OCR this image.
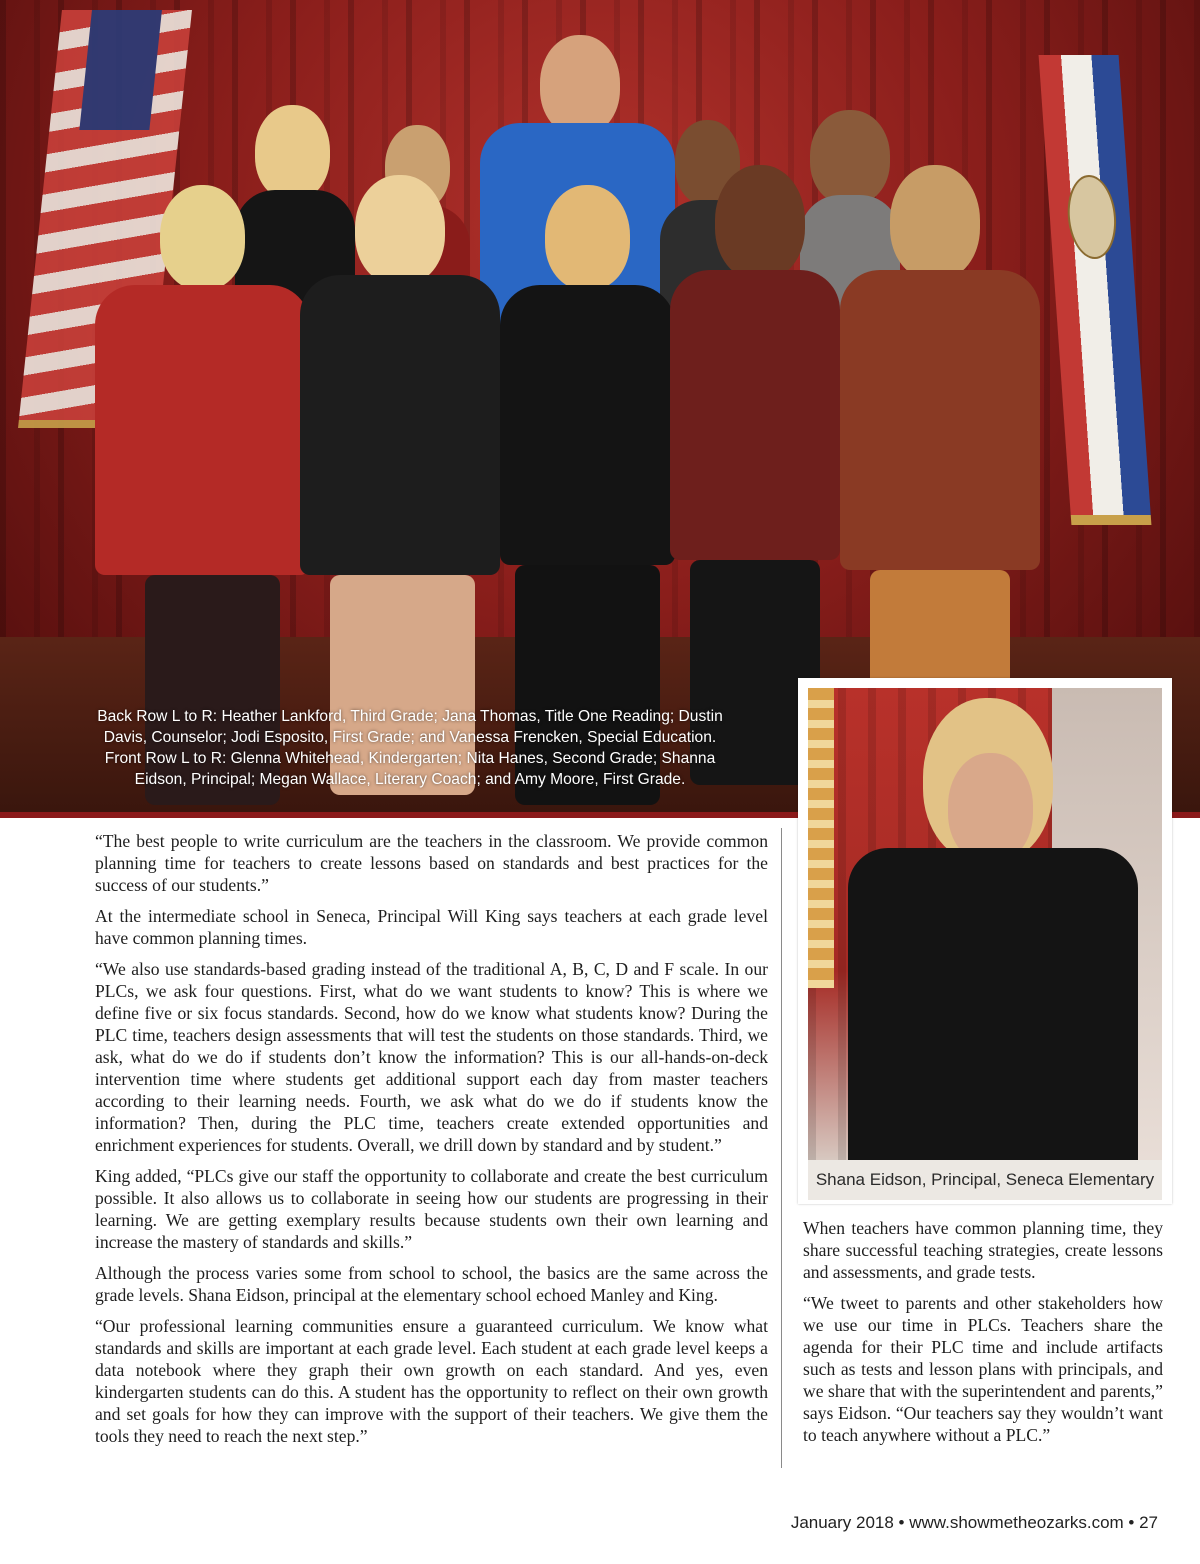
Back Row L to R: Heather Lankford, Third Grade; Jana Thomas, Title One Reading; Dustin
Davis, Counselor; Jodi Esposito, First Grade; and Vanessa Frencken, Special Education.
Front Row L to R: Glenna Whitehead, Kindergarten; Nita Hanes, Second Grade; Shanna
Eidson, Principal; Megan Wallace, Literary Coach; and Amy Moore, First Grade.
Shana Eidson, Principal, Seneca Elementary

“The best people to write curriculum are the teachers in the classroom. We provide common planning time for teachers to create lessons based on standards and best practices for the success of our students.”

At the intermediate school in Seneca, Principal Will King says teachers at each grade level have common planning times.

“We also use standards-based grading instead of the traditional A, B, C, D and F scale. In our PLCs, we ask four questions. First, what do we want students to know? This is where we define five or six focus standards. Second, how do we know what students know? During the PLC time, teachers design assessments that will test the students on those standards. Third, we ask, what do we do if students don’t know the information? This is our all-hands-on-deck intervention time where students get additional support each day from master teachers according to their learning needs. Fourth, we ask what do we do if students know the information? Then, during the PLC time, teachers create extended opportunities and enrichment experiences for students. Overall, we drill down by standard and by student.”

King added, “PLCs give our staff the opportunity to collaborate and create the best curriculum possible. It also allows us to collaborate in seeing how our students are progressing in their learning. We are getting exemplary results because students own their own learning and increase the mastery of standards and skills.”

Although the process varies some from school to school, the basics are the same across the grade levels. Shana Eidson, principal at the elementary school echoed Manley and King.

“Our professional learning communities ensure a guaranteed curriculum. We know what standards and skills are important at each grade level. Each student at each grade level keeps a data notebook where they graph their own growth on each standard. And yes, even kindergarten students can do this. A student has the opportunity to reflect on their own growth and set goals for how they can improve with the support of their teachers. We give them the tools they need to reach the next step.”

When teachers have common planning time, they share successful teaching strategies, create lessons and assessments, and grade tests.

“We tweet to parents and other stakeholders how we use our time in PLCs. Teachers share the agenda for their PLC time and include artifacts such as tests and lesson plans with principals, and we share that with the superintendent and parents,” says Eidson. “Our teachers say they wouldn’t want to teach anywhere without a PLC.”

January 2018 • www.showmetheozarks.com • 27
